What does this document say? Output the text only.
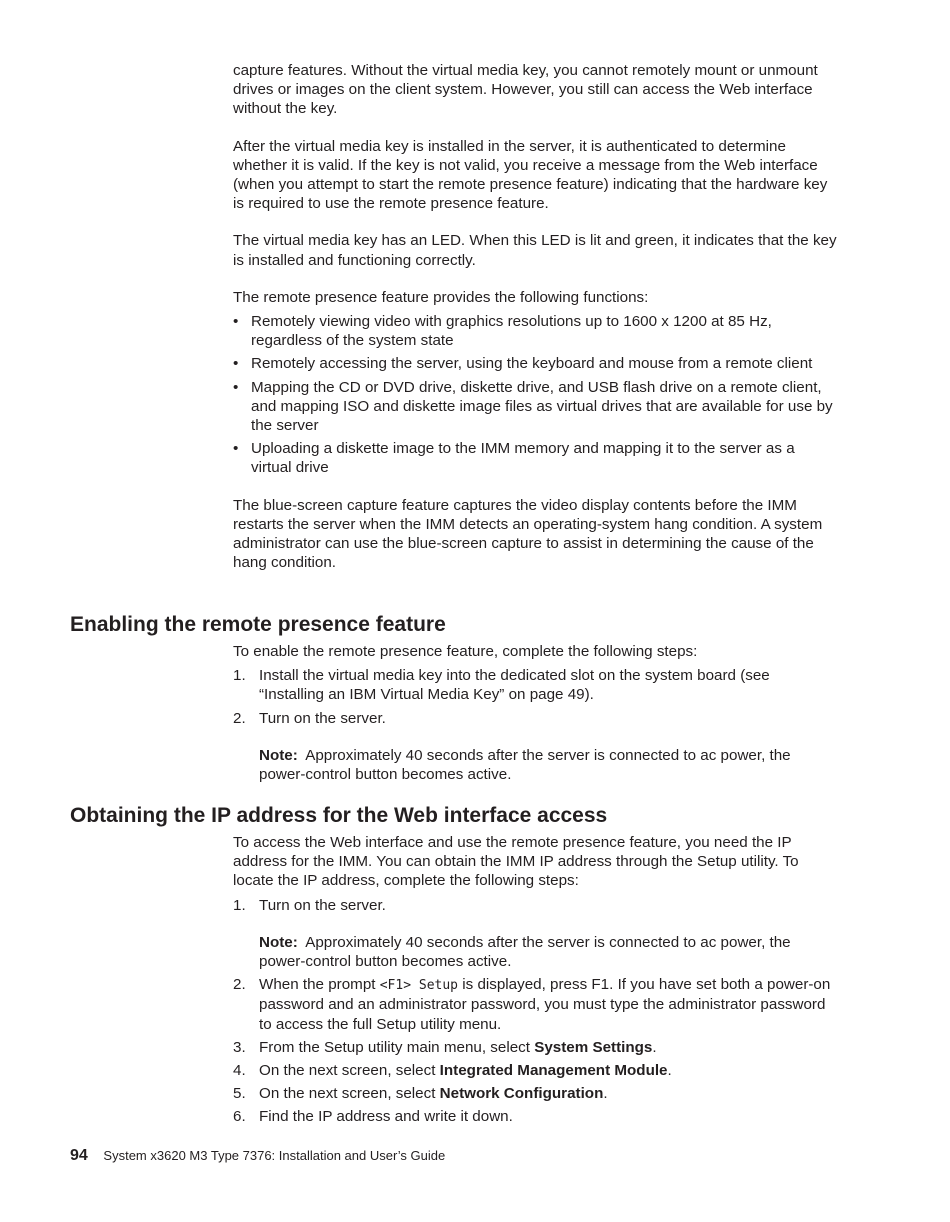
capture features. Without the virtual media key, you cannot remotely mount or unmount drives or images on the client system. However, you still can access the Web interface without the key.

After the virtual media key is installed in the server, it is authenticated to determine whether it is valid. If the key is not valid, you receive a message from the Web interface (when you attempt to start the remote presence feature) indicating that the hardware key is required to use the remote presence feature.

The virtual media key has an LED. When this LED is lit and green, it indicates that the key is installed and functioning correctly.

The remote presence feature provides the following functions:

• Remotely viewing video with graphics resolutions up to 1600 x 1200 at 85 Hz, regardless of the system state
• Remotely accessing the server, using the keyboard and mouse from a remote client
• Mapping the CD or DVD drive, diskette drive, and USB flash drive on a remote client, and mapping ISO and diskette image files as virtual drives that are available for use by the server
• Uploading a diskette image to the IMM memory and mapping it to the server as a virtual drive

The blue-screen capture feature captures the video display contents before the IMM restarts the server when the IMM detects an operating-system hang condition. A system administrator can use the blue-screen capture to assist in determining the cause of the hang condition.

Enabling the remote presence feature

To enable the remote presence feature, complete the following steps:

1. Install the virtual media key into the dedicated slot on the system board (see “Installing an IBM Virtual Media Key” on page 49).
2. Turn on the server.

Note: Approximately 40 seconds after the server is connected to ac power, the power-control button becomes active.

Obtaining the IP address for the Web interface access

To access the Web interface and use the remote presence feature, you need the IP address for the IMM. You can obtain the IMM IP address through the Setup utility. To locate the IP address, complete the following steps:

1. Turn on the server.

Note: Approximately 40 seconds after the server is connected to ac power, the power-control button becomes active.

2. When the prompt <F1> Setup is displayed, press F1. If you have set both a power-on password and an administrator password, you must type the administrator password to access the full Setup utility menu.
3. From the Setup utility main menu, select System Settings.
4. On the next screen, select Integrated Management Module.
5. On the next screen, select Network Configuration.
6. Find the IP address and write it down.
94 System x3620 M3 Type 7376: Installation and User’s Guide
